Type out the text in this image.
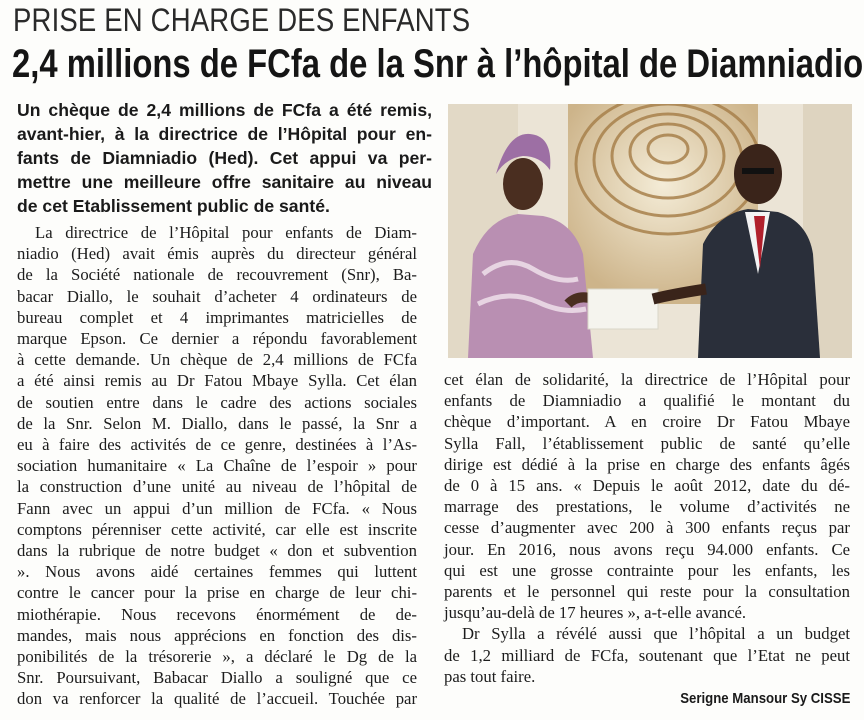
PRISE EN CHARGE DES ENFANTS
2,4 millions de FCfa de la Snr à l’hôpital de Diamniadio
Un chèque de 2,4 millions de FCfa a été remis,
avant-hier, à la directrice de l’Hôpital pour en-
fants de Diamniadio (Hed). Cet appui va per-
mettre une meilleure offre sanitaire au niveau
de cet Etablissement public de santé.
La directrice de l’Hôpital pour enfants de Diam-
niadio (Hed) avait émis auprès du directeur général
de la Société nationale de recouvrement (Snr), Ba-
bacar Diallo, le souhait d’acheter 4 ordinateurs de
bureau complet et 4 imprimantes matricielles de
marque Epson. Ce dernier a répondu favorablement
à cette demande. Un chèque de 2,4 millions de FCfa
a été ainsi remis au Dr Fatou Mbaye Sylla. Cet élan
de soutien entre dans le cadre des actions sociales
de la Snr. Selon M. Diallo, dans le passé, la Snr a
eu à faire des activités de ce genre, destinées à l’As-
sociation humanitaire « La Chaîne de l’espoir » pour
la construction d’une unité au niveau de l’hôpital de
Fann avec un appui d’un million de FCfa. « Nous
comptons pérenniser cette activité, car elle est inscrite
dans la rubrique de notre budget « don et subvention
». Nous avons aidé certaines femmes qui luttent
contre le cancer pour la prise en charge de leur chi-
miothérapie. Nous recevons énormément de de-
mandes, mais nous apprécions en fonction des dis-
ponibilités de la trésorerie », a déclaré le Dg de la
Snr. Poursuivant, Babacar Diallo a souligné que ce
don va renforcer la qualité de l’accueil. Touchée par
cet élan de solidarité, la directrice de l’Hôpital pour
enfants de Diamniadio a qualifié le montant du
chèque d’important. A en croire Dr Fatou Mbaye
Sylla Fall, l’établissement public de santé qu’elle
dirige est dédié à la prise en charge des enfants âgés
de 0 à 15 ans. « Depuis le août 2012, date du dé-
marrage des prestations, le volume d’activités ne
cesse d’augmenter avec 200 à 300 enfants reçus par
jour. En 2016, nous avons reçu 94.000 enfants. Ce
qui est une grosse contrainte pour les enfants, les
parents et le personnel qui reste pour la consultation
jusqu’au-delà de 17 heures », a-t-elle avancé.
Dr Sylla a révélé aussi que l’hôpital a un budget
de 1,2 milliard de FCfa, soutenant que l’Etat ne peut
pas tout faire.
Serigne Mansour Sy CISSE
